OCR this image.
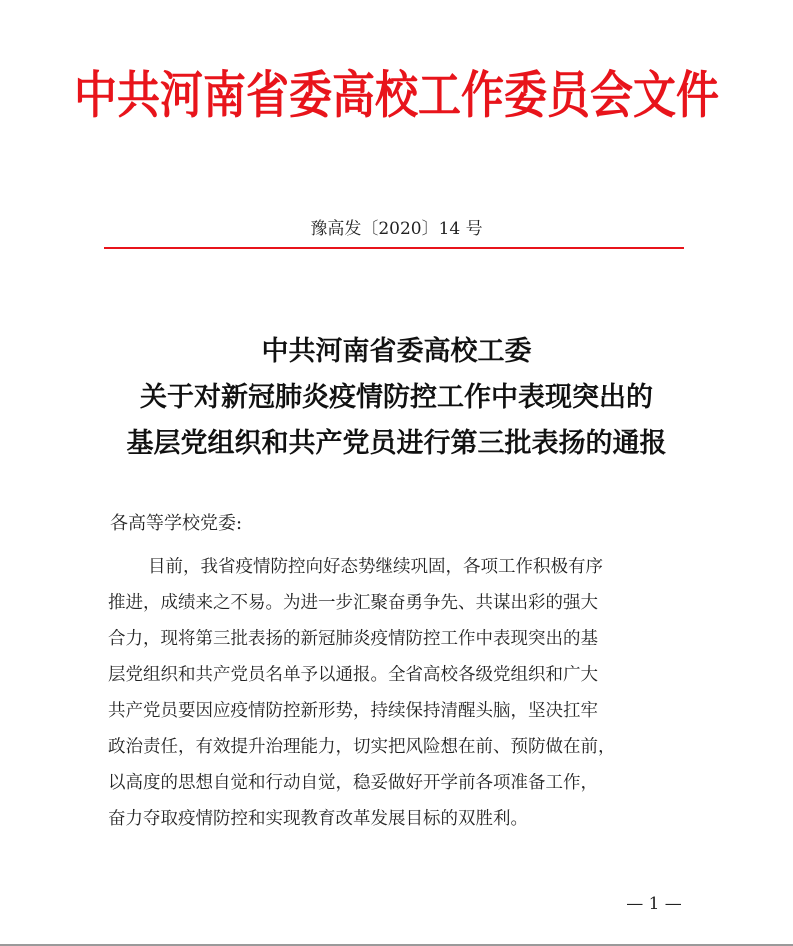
中共河南省委高校工作委员会文件
豫高发〔2020〕14 号
中共河南省委高校工委
关于对新冠肺炎疫情防控工作中表现突出的
基层党组织和共产党员进行第三批表扬的通报
各高等学校党委:
目前，我省疫情防控向好态势继续巩固，各项工作积极有序
推进，成绩来之不易。为进一步汇聚奋勇争先、共谋出彩的强大
合力，现将第三批表扬的新冠肺炎疫情防控工作中表现突出的基
层党组织和共产党员名单予以通报。全省高校各级党组织和广大
共产党员要因应疫情防控新形势，持续保持清醒头脑，坚决扛牢
政治责任，有效提升治理能力，切实把风险想在前、预防做在前，
以高度的思想自觉和行动自觉，稳妥做好开学前各项准备工作，
奋力夺取疫情防控和实现教育改革发展目标的双胜利。
— 1 —
